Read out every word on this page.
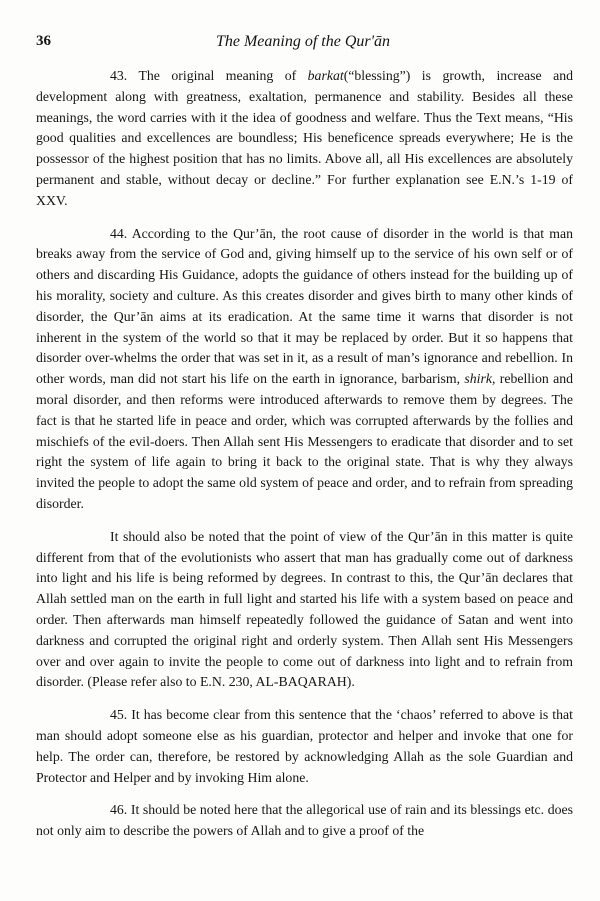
36	The Meaning of the Qur'ān

43. The original meaning of barkat(“blessing”) is growth, increase and development along with greatness, exaltation, permanence and stability. Besides all these meanings, the word carries with it the idea of goodness and welfare. Thus the Text means, “His good qualities and excellences are boundless; His beneficence spreads everywhere; He is the possessor of the highest position that has no limits. Above all, all His excellences are absolutely permanent and stable, without decay or decline.” For further explanation see E.N.’s 1-19 of XXV.

44. According to the Qur’ān, the root cause of disorder in the world is that man breaks away from the service of God and, giving himself up to the service of his own self or of others and discarding His Guidance, adopts the guidance of others instead for the building up of his morality, society and culture. As this creates disorder and gives birth to many other kinds of disorder, the Qur’ān aims at its eradication. At the same time it warns that disorder is not inherent in the system of the world so that it may be replaced by order. But it so happens that disorder over-whelms the order that was set in it, as a result of man’s ignorance and rebellion. In other words, man did not start his life on the earth in ignorance, barbarism, shirk, rebellion and moral disorder, and then reforms were introduced afterwards to remove them by degrees. The fact is that he started life in peace and order, which was corrupted afterwards by the follies and mischiefs of the evil-doers. Then Allah sent His Messengers to eradicate that disorder and to set right the system of life again to bring it back to the original state. That is why they always invited the people to adopt the same old system of peace and order, and to refrain from spreading disorder.

It should also be noted that the point of view of the Qur’ān in this matter is quite different from that of the evolutionists who assert that man has gradually come out of darkness into light and his life is being reformed by degrees. In contrast to this, the Qur’ān declares that Allah settled man on the earth in full light and started his life with a system based on peace and order. Then afterwards man himself repeatedly followed the guidance of Satan and went into darkness and corrupted the original right and orderly system. Then Allah sent His Messengers over and over again to invite the people to come out of darkness into light and to refrain from disorder. (Please refer also to E.N. 230, AL-BAQARAH).

45. It has become clear from this sentence that the ‘chaos’ referred to above is that man should adopt someone else as his guardian, protector and helper and invoke that one for help. The order can, therefore, be restored by acknowledging Allah as the sole Guardian and Protector and Helper and by invoking Him alone.

46. It should be noted here that the allegorical use of rain and its blessings etc. does not only aim to describe the powers of Allah and to give a proof of the
